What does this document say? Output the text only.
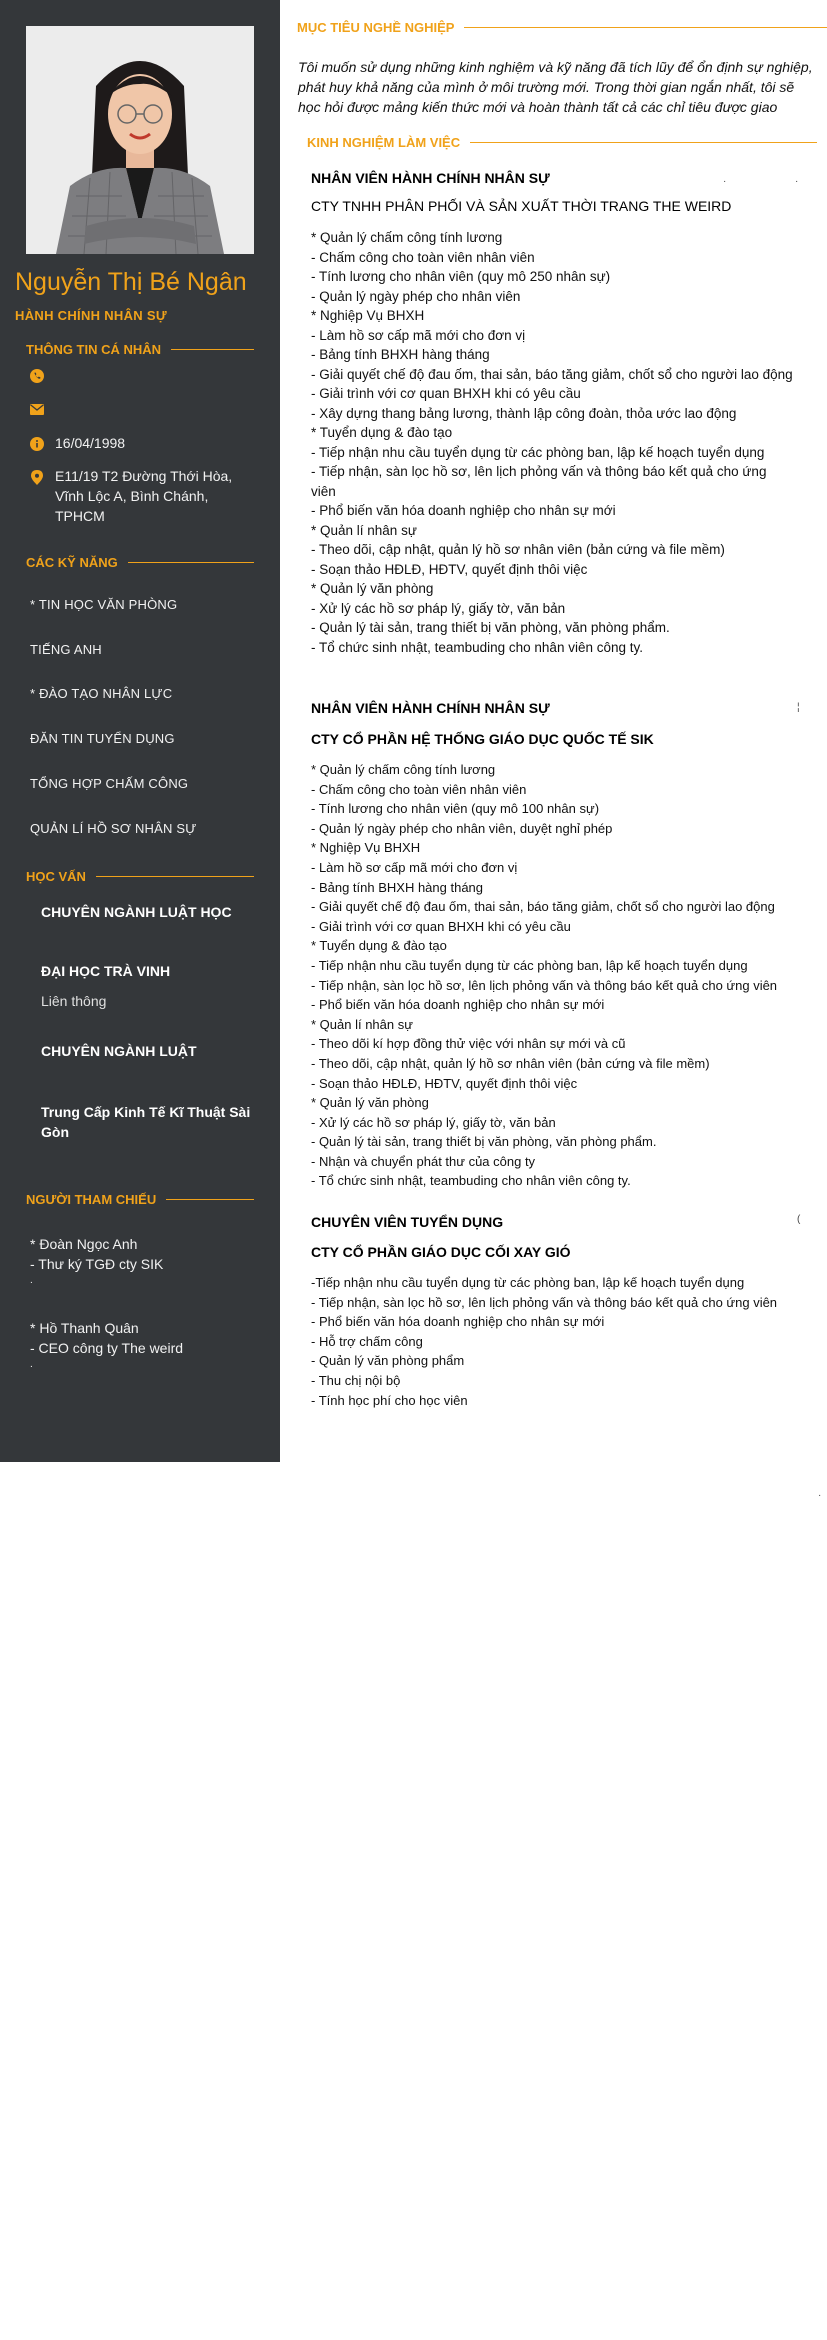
Nguyễn Thị Bé Ngân
HÀNH CHÍNH NHÂN SỰ
THÔNG TIN CÁ NHÂN
16/04/1998
E11/19 T2 Đường Thới Hòa, Vĩnh Lộc A, Bình Chánh, TPHCM
CÁC KỸ NĂNG
* TIN HỌC VĂN PHÒNG
TIẾNG ANH
* ĐÀO TẠO NHÂN LỰC
ĐĂN TIN TUYỂN DỤNG
TỔNG HỢP CHẤM CÔNG
QUẢN LÍ HỒ SƠ NHÂN SỰ
HỌC VẤN
CHUYÊN NGÀNH LUẬT HỌC
ĐẠI HỌC TRÀ VINH
Liên thông
CHUYÊN NGÀNH LUẬT
Trung Cấp Kinh Tế Kĩ Thuật Sài Gòn
NGƯỜI THAM CHIẾU
* Đoàn Ngọc Anh
- Thư ký TGĐ cty SIK
.
* Hồ Thanh Quân
- CEO công ty The weird
.
MỤC TIÊU NGHỀ NGHIỆP
Tôi muốn sử dụng những kinh nghiệm và kỹ năng đã tích lũy để ổn định sự nghiệp, phát huy khả năng của mình ở môi trường mới. Trong thời gian ngắn nhất, tôi sẽ học hỏi được mảng kiến thức mới và hoàn thành tất cả các chỉ tiêu được giao
KINH NGHIỆM LÀM VIỆC
NHÂN VIÊN HÀNH CHÍNH NHÂN SỰ	·	·
CTY TNHH PHÂN PHỐI VÀ SẢN XUẤT THỜI TRANG THE WEIRD
* Quản lý chấm công tính lương
- Chấm công cho toàn viên nhân viên
- Tính lương cho nhân viên (quy mô 250 nhân sự)
- Quản lý ngày phép cho nhân viên
* Nghiệp Vụ BHXH
- Làm hồ sơ cấp mã mới cho đơn vị
- Bảng tính BHXH hàng tháng
- Giải quyết chế độ đau ốm, thai sản, báo tăng giảm, chốt sổ cho người lao động
- Giải trình với cơ quan BHXH khi có yêu cầu
- Xây dựng thang bảng lương, thành lập công đoàn, thỏa ước lao động
* Tuyển dụng & đào tạo
- Tiếp nhận nhu cầu tuyển dụng từ các phòng ban, lập kế hoạch tuyển dụng
- Tiếp nhận, sàn lọc hồ sơ, lên lịch phỏng vấn và thông báo kết quả cho ứng viên
- Phổ biến văn hóa doanh nghiệp cho nhân sự mới
* Quản lí nhân sự
- Theo dõi, cập nhật, quản lý hồ sơ nhân viên (bản cứng và file mềm)
- Soạn thảo HĐLĐ, HĐTV, quyết định thôi việc
* Quản lý văn phòng
- Xử lý các hồ sơ pháp lý, giấy tờ, văn bản
- Quản lý tài sản, trang thiết bị văn phòng, văn phòng phẩm.
- Tổ chức sinh nhật, teambuding cho nhân viên công ty.
NHÂN VIÊN HÀNH CHÍNH NHÂN SỰ	¦
CTY CỔ PHẦN HỆ THỐNG GIÁO DỤC QUỐC TẾ SIK
* Quản lý chấm công tính lương
- Chấm công cho toàn viên nhân viên
- Tính lương cho nhân viên (quy mô 100 nhân sự)
- Quản lý ngày phép cho nhân viên, duyệt nghỉ phép
* Nghiệp Vụ BHXH
- Làm hồ sơ cấp mã mới cho đơn vị
- Bảng tính BHXH hàng tháng
- Giải quyết chế độ đau ốm, thai sản, báo tăng giảm, chốt sổ cho người lao động
- Giải trình với cơ quan BHXH khi có yêu cầu
* Tuyển dụng & đào tạo
- Tiếp nhận nhu cầu tuyển dụng từ các phòng ban, lập kế hoạch tuyển dụng
- Tiếp nhận, sàn lọc hồ sơ, lên lịch phỏng vấn và thông báo kết quả cho ứng viên
- Phổ biến văn hóa doanh nghiệp cho nhân sự mới
* Quản lí nhân sự
- Theo dõi kí hợp đồng thử việc với nhân sự mới và cũ
- Theo dõi, cập nhật, quản lý hồ sơ nhân viên (bản cứng và file mềm)
- Soạn thảo HĐLĐ, HĐTV, quyết định thôi việc
* Quản lý văn phòng
- Xử lý các hồ sơ pháp lý, giấy tờ, văn bản
- Quản lý tài sản, trang thiết bị văn phòng, văn phòng phẩm.
- Nhận và chuyển phát thư của công ty
- Tổ chức sinh nhật, teambuding cho nhân viên công ty.
CHUYÊN VIÊN TUYỂN DỤNG	(
CTY CỔ PHẦN GIÁO DỤC CỐI XAY GIÓ
-Tiếp nhận nhu cầu tuyển dụng từ các phòng ban, lập kế hoạch tuyển dụng
- Tiếp nhận, sàn lọc hồ sơ, lên lịch phỏng vấn và thông báo kết quả cho ứng viên
- Phổ biến văn hóa doanh nghiệp cho nhân sự mới
- Hỗ trợ chấm công
- Quản lý văn phòng phẩm
- Thu chị nội bộ
- Tính học phí cho học viên
·
